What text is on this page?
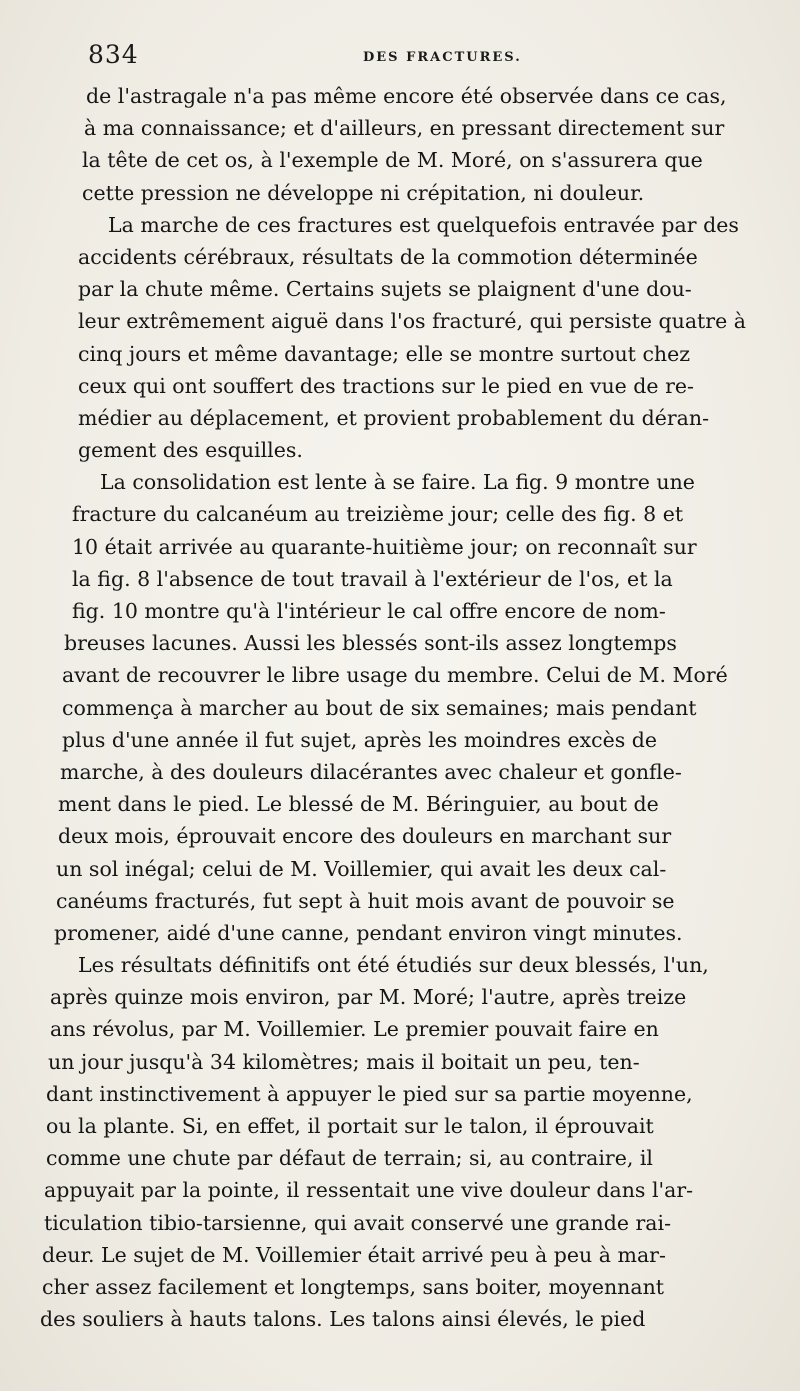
834	DES FRACTURES.
de l'astragale n'a pas même encore été observée dans ce cas,
à ma connaissance; et d'ailleurs, en pressant directement sur
la tête de cet os, à l'exemple de M. Moré, on s'assurera que
cette pression ne développe ni crépitation, ni douleur.
La marche de ces fractures est quelquefois entravée par des
accidents cérébraux, résultats de la commotion déterminée
par la chute même. Certains sujets se plaignent d'une dou-
leur extrêmement aiguë dans l'os fracturé, qui persiste quatre à
cinq jours et même davantage; elle se montre surtout chez
ceux qui ont souffert des tractions sur le pied en vue de re-
médier au déplacement, et provient probablement du déran-
gement des esquilles.
La consolidation est lente à se faire. La fig. 9 montre une
fracture du calcanéum au treizième jour; celle des fig. 8 et
10 était arrivée au quarante-huitième jour; on reconnaît sur
la fig. 8 l'absence de tout travail à l'extérieur de l'os, et la
fig. 10 montre qu'à l'intérieur le cal offre encore de nom-
breuses lacunes. Aussi les blessés sont-ils assez longtemps
avant de recouvrer le libre usage du membre. Celui de M. Moré
commença à marcher au bout de six semaines; mais pendant
plus d'une année il fut sujet, après les moindres excès de
marche, à des douleurs dilacérantes avec chaleur et gonfle-
ment dans le pied. Le blessé de M. Béringuier, au bout de
deux mois, éprouvait encore des douleurs en marchant sur
un sol inégal; celui de M. Voillemier, qui avait les deux cal-
canéums fracturés, fut sept à huit mois avant de pouvoir se
promener, aidé d'une canne, pendant environ vingt minutes.
Les résultats définitifs ont été étudiés sur deux blessés, l'un,
après quinze mois environ, par M. Moré; l'autre, après treize
ans révolus, par M. Voillemier. Le premier pouvait faire en
un jour jusqu'à 34 kilomètres; mais il boitait un peu, ten-
dant instinctivement à appuyer le pied sur sa partie moyenne,
ou la plante. Si, en effet, il portait sur le talon, il éprouvait
comme une chute par défaut de terrain; si, au contraire, il
appuyait par la pointe, il ressentait une vive douleur dans l'ar-
ticulation tibio-tarsienne, qui avait conservé une grande rai-
deur. Le sujet de M. Voillemier était arrivé peu à peu à mar-
cher assez facilement et longtemps, sans boiter, moyennant
des souliers à hauts talons. Les talons ainsi élevés, le pied
